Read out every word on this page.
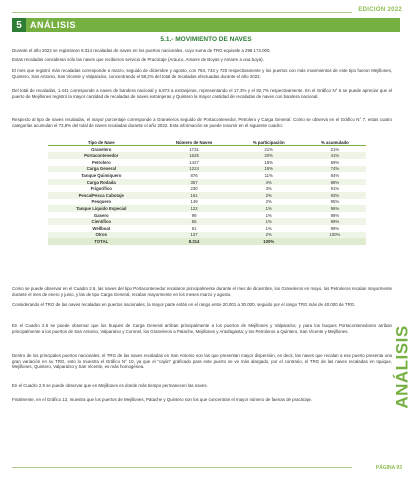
EDICIÓN 2022
5 ANÁLISIS
5.1.- MOVIMIENTO DE NAVES

Durante el año 2022 se registraron 8.314 recaladas de naves en los puertos nacionales, cuyo suma de TRG equivale a 298.172.000.

Estas recaladas consideran sólo las naves que recibieron servicio de Practicaje (Arauco, Amarre de Boyas y Amarre a una boya).

El mes que registró más recaladas corresponde a marzo, seguido de diciembre y agosto, con 763, 743 y 720 respectivamente y los puertos con más movimientos de este tipo fueron Mejillones, Quintero, San Antonio, San Vicente y Valparaíso, concentrando el 58,2% del total de recaladas efectuadas durante el año 2022.

Del total de recaladas, 1.441 corresponde a naves de bandera nacional y 6.873 a extranjeras, representando el 17,3% y el 82,7% respectivamente. En el Gráfico N° 6 se puede apreciar que el puerto de Mejillones registró la mayor cantidad de recaladas de naves extranjeras y Quintero la mayor cantidad de recaladas de naves con bandera nacional.

Respecto al tipo de naves recaladas, el mayor porcentaje corresponde a Graneleros seguido de Portacontenedor, Petrolero y Carga General. Como se observa en el Gráfico N° 7, estas cuatro categorías acumulan el 73,8% del total de naves recaladas durante el año 2022. Esta información se puede resumir en el siguiente cuadro:

Tipo de Nave	Número de Naves	% participación	% acumulado
Granelero	1731	21%	21%
Portacontenedor	1625	20%	41%
Petrolero	1427	18%	59%
Carga General	1224	15%	74%
Tanque Quimiquero	876	11%	84%
Carga Rodada	357	4%	88%
Frigorífico	230	3%	91%
Pesca/Pesca Cabotaje	161	2%	93%
Pesquero	149	2%	95%
Tanque Líquido Especial	122	1%	96%
Gasero	99	1%	98%
Científico	55	1%	99%
Wellboat	51	1%	99%
Otros	137	2%	100%
TOTAL	8.314	100%	

Como se puede observar en el Cuadro 2.6, las naves del tipo Portacontenedor recalaron principalmente durante el mes de diciembre, los Graneleros en mayo, los Petroleros recalan mayormente durante el mes de enero y junio, y las de tipo Carga General, recalan mayormente en los meses marzo y agosto.

Considerando el TRG de las naves recaladas en puertos nacionales, la mayor parte están en el rango entre 20.001 a 30.000, seguido por el rango TRG más de 40.000 de TRG.

En el Cuadro 2.5 se puede observar que los buques de Carga General arriban principalmente a los puertos de Mejillones y Valparaíso; y para los buques Portacontenedores arriban principalmente a los puertos de San Antonio, Valparaíso y Coronel, los Graneleros a Patache, Mejillones y Antofagasta; y los Petroleros a Quintero, San Vicente y Mejillones.

Dentro de los principales puertos nacionales, el TRG de las naves recaladas en San Antonio son las que presentan mayor dispersión, es decir, las naves que recalan a ese puerto presenta una gran variación en su TRG, esto lo muestra el Gráfico N° 10, ya que el "cajón" graficado para este puerto se ve más alargado, por el contrario, el TRG de las naves recaladas en Iquique, Mejillones, Quintero, Valparaíso y San Vicente, es más homogénea.

En el Cuadro 2.9 se puede observar que en Mejillones es donde más tiempo permanecen las naves.

Finalmente, en el Gráfico 12, muestra que los puertos de Mejillones, Patache y Quintero son los que concentran el mayor número de faenas de practicaje.	ANÁLISIS
PÁGINA 93
